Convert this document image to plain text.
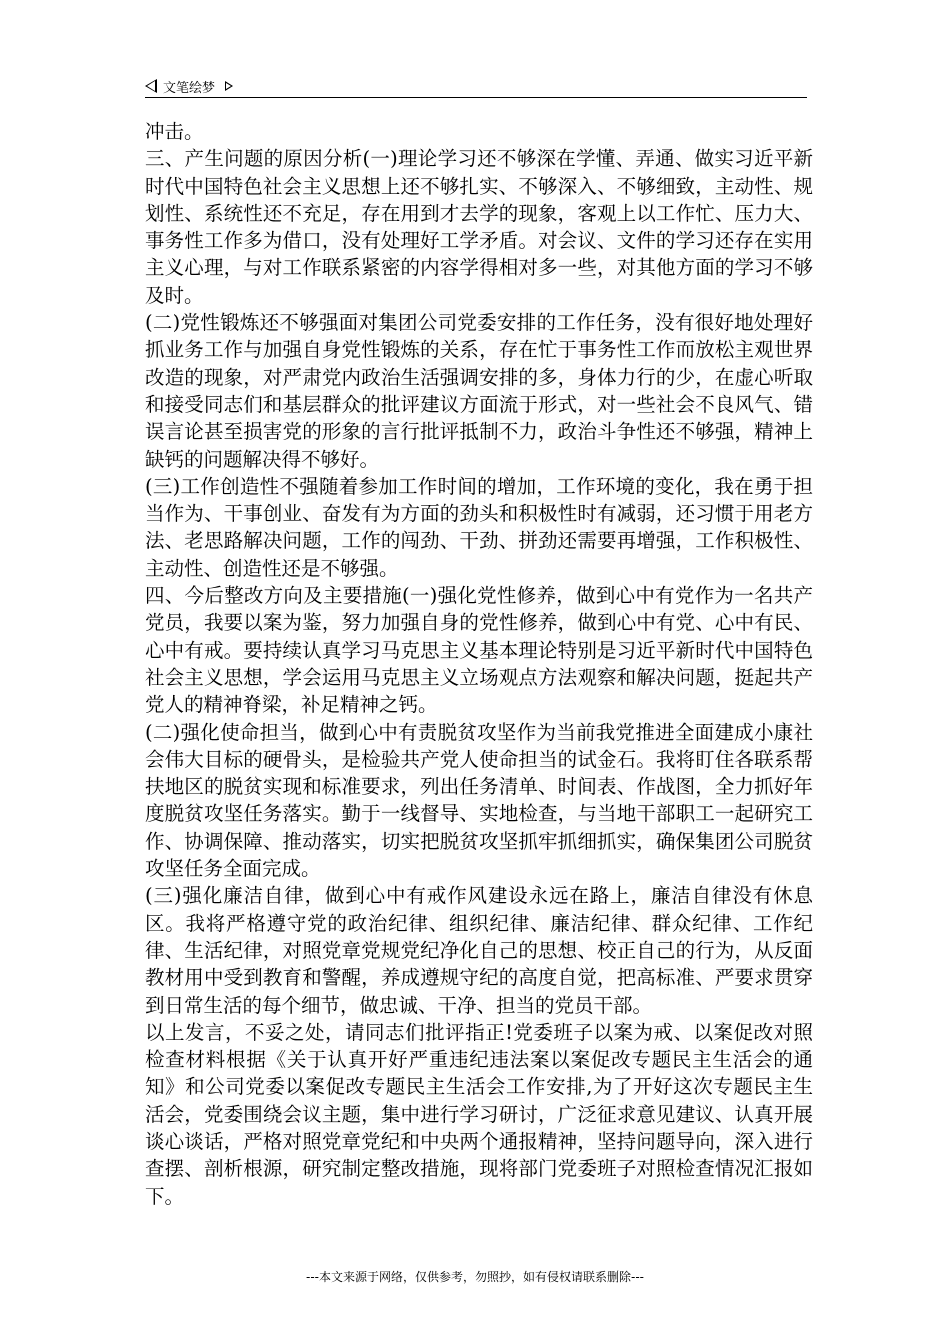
文笔绘梦

冲击。

三、产生问题的原因分析(一)理论学习还不够深在学懂、弄通、做实习近平新时代中国特色社会主义思想上还不够扎实、不够深入、不够细致，主动性、规划性、系统性还不充足，存在用到才去学的现象，客观上以工作忙、压力大、事务性工作多为借口，没有处理好工学矛盾。对会议、文件的学习还存在实用主义心理，与对工作联系紧密的内容学得相对多一些，对其他方面的学习不够及时。

(二)党性锻炼还不够强面对集团公司党委安排的工作任务，没有很好地处理好抓业务工作与加强自身党性锻炼的关系，存在忙于事务性工作而放松主观世界改造的现象，对严肃党内政治生活强调安排的多，身体力行的少，在虚心听取和接受同志们和基层群众的批评建议方面流于形式，对一些社会不良风气、错误言论甚至损害党的形象的言行批评抵制不力，政治斗争性还不够强，精神上缺钙的问题解决得不够好。

(三)工作创造性不强随着参加工作时间的增加，工作环境的变化，我在勇于担当作为、干事创业、奋发有为方面的劲头和积极性时有减弱，还习惯于用老方法、老思路解决问题，工作的闯劲、干劲、拼劲还需要再增强，工作积极性、主动性、创造性还是不够强。

四、今后整改方向及主要措施(一)强化党性修养，做到心中有党作为一名共产党员，我要以案为鉴，努力加强自身的党性修养，做到心中有党、心中有民、心中有戒。要持续认真学习马克思主义基本理论特别是习近平新时代中国特色社会主义思想，学会运用马克思主义立场观点方法观察和解决问题，挺起共产党人的精神脊梁，补足精神之钙。

(二)强化使命担当，做到心中有责脱贫攻坚作为当前我党推进全面建成小康社会伟大目标的硬骨头，是检验共产党人使命担当的试金石。我将盯住各联系帮扶地区的脱贫实现和标准要求，列出任务清单、时间表、作战图，全力抓好年度脱贫攻坚任务落实。勤于一线督导、实地检查，与当地干部职工一起研究工作、协调保障、推动落实，切实把脱贫攻坚抓牢抓细抓实，确保集团公司脱贫攻坚任务全面完成。

(三)强化廉洁自律，做到心中有戒作风建设永远在路上，廉洁自律没有休息区。我将严格遵守党的政治纪律、组织纪律、廉洁纪律、群众纪律、工作纪律、生活纪律，对照党章党规党纪净化自己的思想、校正自己的行为，从反面教材用中受到教育和警醒，养成遵规守纪的高度自觉，把高标准、严要求贯穿到日常生活的每个细节，做忠诚、干净、担当的党员干部。

以上发言，不妥之处，请同志们批评指正!党委班子以案为戒、以案促改对照检查材料根据《关于认真开好严重违纪违法案以案促改专题民主生活会的通知》和公司党委以案促改专题民主生活会工作安排,为了开好这次专题民主生活会，党委围绕会议主题，集中进行学习研讨，广泛征求意见建议、认真开展谈心谈话，严格对照党章党纪和中央两个通报精神，坚持问题导向，深入进行查摆、剖析根源，研究制定整改措施，现将部门党委班子对照检查情况汇报如下。

---本文来源于网络，仅供参考，勿照抄，如有侵权请联系删除---
